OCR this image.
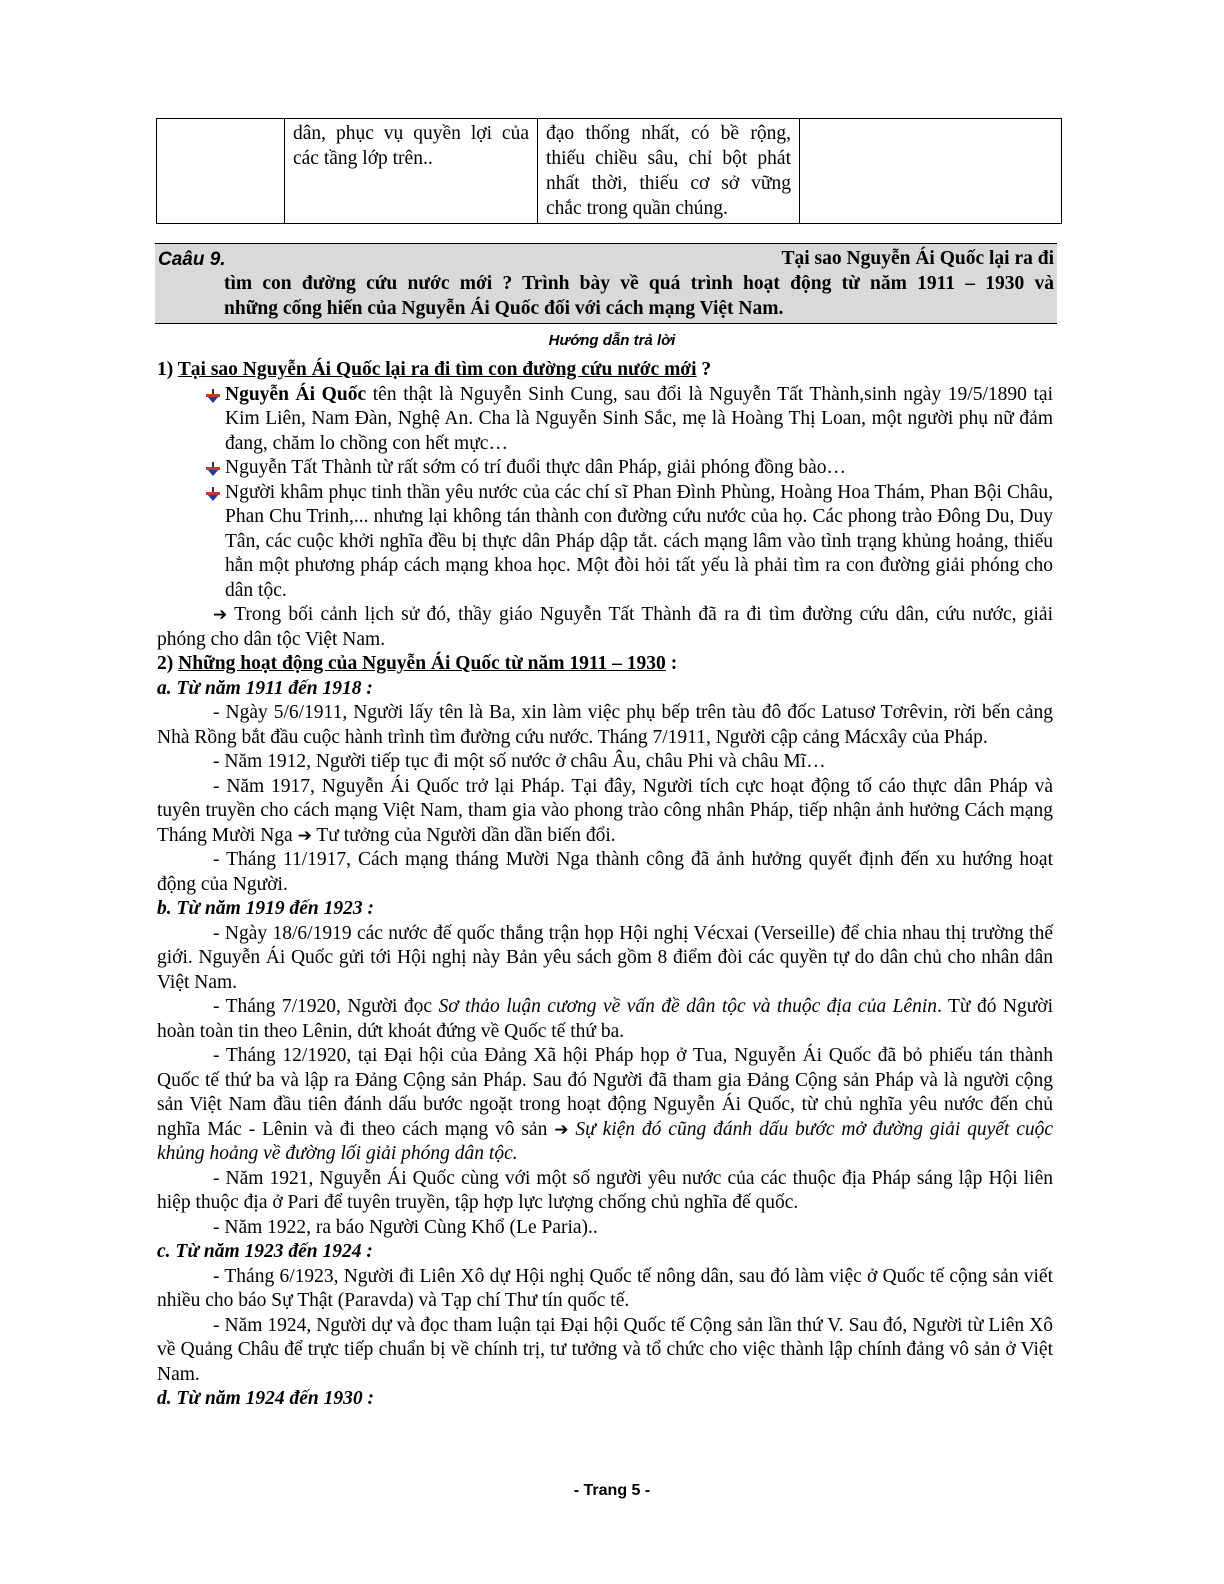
	dân, phục vụ quyền lợi của các tầng lớp trên..	đạo thống nhất, có bề rộng, thiếu chiều sâu, chỉ bột phát nhất thời, thiếu cơ sở vững chắc trong quần chúng.	
Caâu 9.	Tại sao Nguyễn Ái Quốc lại ra đi
tìm con đường cứu nước mới ? Trình bày về quá trình hoạt động từ năm 1911 – 1930 và
những cống hiến của Nguyễn Ái Quốc đối với cách mạng Việt Nam.
Hướng dẫn trả lời

1) Tại sao Nguyễn Ái Quốc lại ra đi tìm con đường cứu nước mới ?

Nguyễn Ái Quốc tên thật là Nguyễn Sinh Cung, sau đổi là Nguyễn Tất Thành,sinh ngày 19/5/1890 tại Kim Liên, Nam Đàn, Nghệ An. Cha là Nguyễn Sinh Sắc, mẹ là Hoàng Thị Loan, một người phụ nữ đảm đang, chăm lo chồng con hết mực…
Nguyễn Tất Thành từ rất sớm có trí đuổi thực dân Pháp, giải phóng đồng bào…
Người khâm phục tinh thần yêu nước của các chí sĩ Phan Đình Phùng, Hoàng Hoa Thám, Phan Bội Châu, Phan Chu Trinh,... nhưng lại không tán thành con đường cứu nước của họ. Các phong trào Đông Du, Duy Tân, các cuộc khởi nghĩa đều bị thực dân Pháp dập tắt. cách mạng lâm vào tình trạng khủng hoảng, thiếu hẳn một phương pháp cách mạng khoa học. Một đòi hỏi tất yếu là phải tìm ra con đường giải phóng cho dân tộc.

➔ Trong bối cảnh lịch sử đó, thầy giáo Nguyễn Tất Thành đã ra đi tìm đường cứu dân, cứu nước, giải phóng cho dân tộc Việt Nam.

2) Những hoạt động của Nguyễn Ái Quốc từ năm 1911 – 1930 :

a. Từ năm 1911 đến 1918 :

- Ngày 5/6/1911, Người lấy tên là Ba, xin làm việc phụ bếp trên tàu đô đốc Latusơ Tơrêvin, rời bến cảng Nhà Rồng bắt đầu cuộc hành trình tìm đường cứu nước. Tháng 7/1911, Người cập cảng Mácxây của Pháp.

- Năm 1912, Người tiếp tục đi một số nước ở châu Âu, châu Phi và châu Mĩ…

- Năm 1917, Nguyễn Ái Quốc trở lại Pháp. Tại đây, Người tích cực hoạt động tố cáo thực dân Pháp và tuyên truyền cho cách mạng Việt Nam, tham gia vào phong trào công nhân Pháp, tiếp nhận ảnh hưởng Cách mạng Tháng Mười Nga ➔ Tư tưởng của Người dần dần biến đổi.

- Tháng 11/1917, Cách mạng tháng Mười Nga thành công đã ảnh hưởng quyết định đến xu hướng hoạt động của Người.

b. Từ năm 1919 đến 1923 :

- Ngày 18/6/1919 các nước đế quốc thắng trận họp Hội nghị Vécxai (Verseille) để chia nhau thị trường thế giới. Nguyễn Ái Quốc gửi tới Hội nghị này Bản yêu sách gồm 8 điểm đòi các quyền tự do dân chủ cho nhân dân Việt Nam.

- Tháng 7/1920, Người đọc Sơ thảo luận cương về vấn đề dân tộc và thuộc địa của Lênin. Từ đó Người hoàn toàn tin theo Lênin, dứt khoát đứng về Quốc tế thứ ba.

- Tháng 12/1920, tại Đại hội của Đảng Xã hội Pháp họp ở Tua, Nguyễn Ái Quốc đã bỏ phiếu tán thành Quốc tế thứ ba và lập ra Đảng Cộng sản Pháp. Sau đó Người đã tham gia Đảng Cộng sản Pháp và là người cộng sản Việt Nam đầu tiên đánh dấu bước ngoặt trong hoạt động Nguyễn Ái Quốc, từ chủ nghĩa yêu nước đến chủ nghĩa Mác - Lênin và đi theo cách mạng vô sản ➔ Sự kiện đó cũng đánh dấu bước mở đường giải quyết cuộc khủng hoảng về đường lối giải phóng dân tộc.

- Năm 1921, Nguyễn Ái Quốc cùng với một số người yêu nước của các thuộc địa Pháp sáng lập Hội liên hiệp thuộc địa ở Pari để tuyên truyền, tập hợp lực lượng chống chủ nghĩa đế quốc.

- Năm 1922, ra báo Người Cùng Khổ (Le Paria)..

c. Từ năm 1923 đến 1924 :

- Tháng 6/1923, Người đi Liên Xô dự Hội nghị Quốc tế nông dân, sau đó làm việc ở Quốc tế cộng sản viết nhiều cho báo Sự Thật (Paravda) và Tạp chí Thư tín quốc tế.

- Năm 1924, Người dự và đọc tham luận tại Đại hội Quốc tế Cộng sản lần thứ V. Sau đó, Người từ Liên Xô về Quảng Châu để trực tiếp chuẩn bị về chính trị, tư tưởng và tổ chức cho việc thành lập chính đảng vô sản ở Việt Nam.

d. Từ năm 1924 đến 1930 :

- Trang 5 -
